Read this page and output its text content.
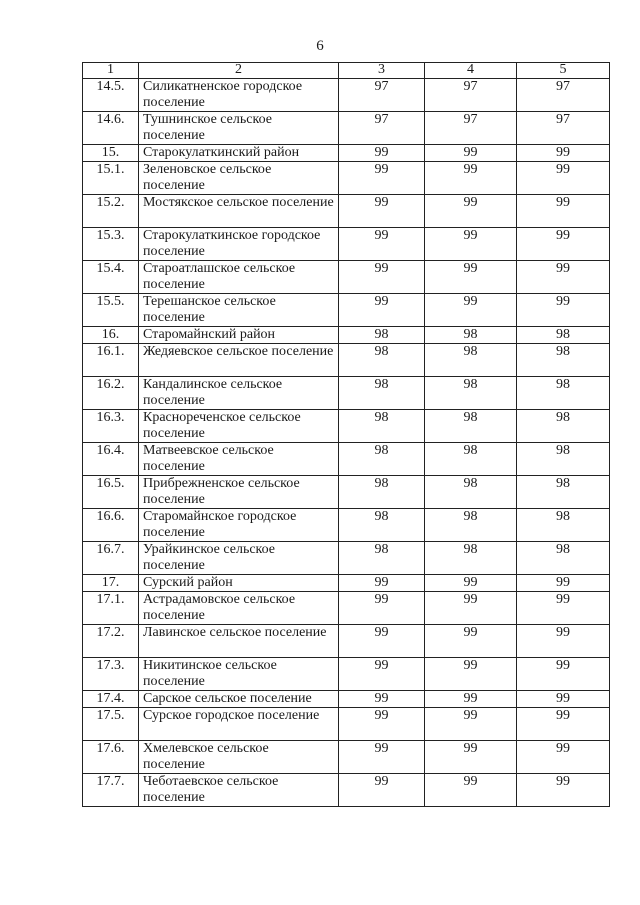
6
1	2	3	4	5
14.5.	Силикатненское городское поселение	97	97	97
14.6.	Тушнинское сельское поселение	97	97	97
15.	Старокулаткинский район	99	99	99
15.1.	Зеленовское сельское поселение	99	99	99
15.2.	Мостякское сельское поселение	99	99	99
15.3.	Старокулаткинское городское поселение	99	99	99
15.4.	Староатлашское сельское поселение	99	99	99
15.5.	Терешанское сельское поселение	99	99	99
16.	Старомайнский район	98	98	98
16.1.	Жедяевское сельское поселение	98	98	98
16.2.	Кандалинское сельское поселение	98	98	98
16.3.	Краснореченское сельское поселение	98	98	98
16.4.	Матвеевское сельское поселение	98	98	98
16.5.	Прибрежненское сельское поселение	98	98	98
16.6.	Старомайнское городское поселение	98	98	98
16.7.	Урайкинское сельское поселение	98	98	98
17.	Сурский район	99	99	99
17.1.	Астрадамовское сельское поселение	99	99	99
17.2.	Лавинское сельское поселение	99	99	99
17.3.	Никитинское сельское поселение	99	99	99
17.4.	Сарское сельское поселение	99	99	99
17.5.	Сурское городское поселение	99	99	99
17.6.	Хмелевское сельское поселение	99	99	99
17.7.	Чеботаевское сельское поселение	99	99	99
